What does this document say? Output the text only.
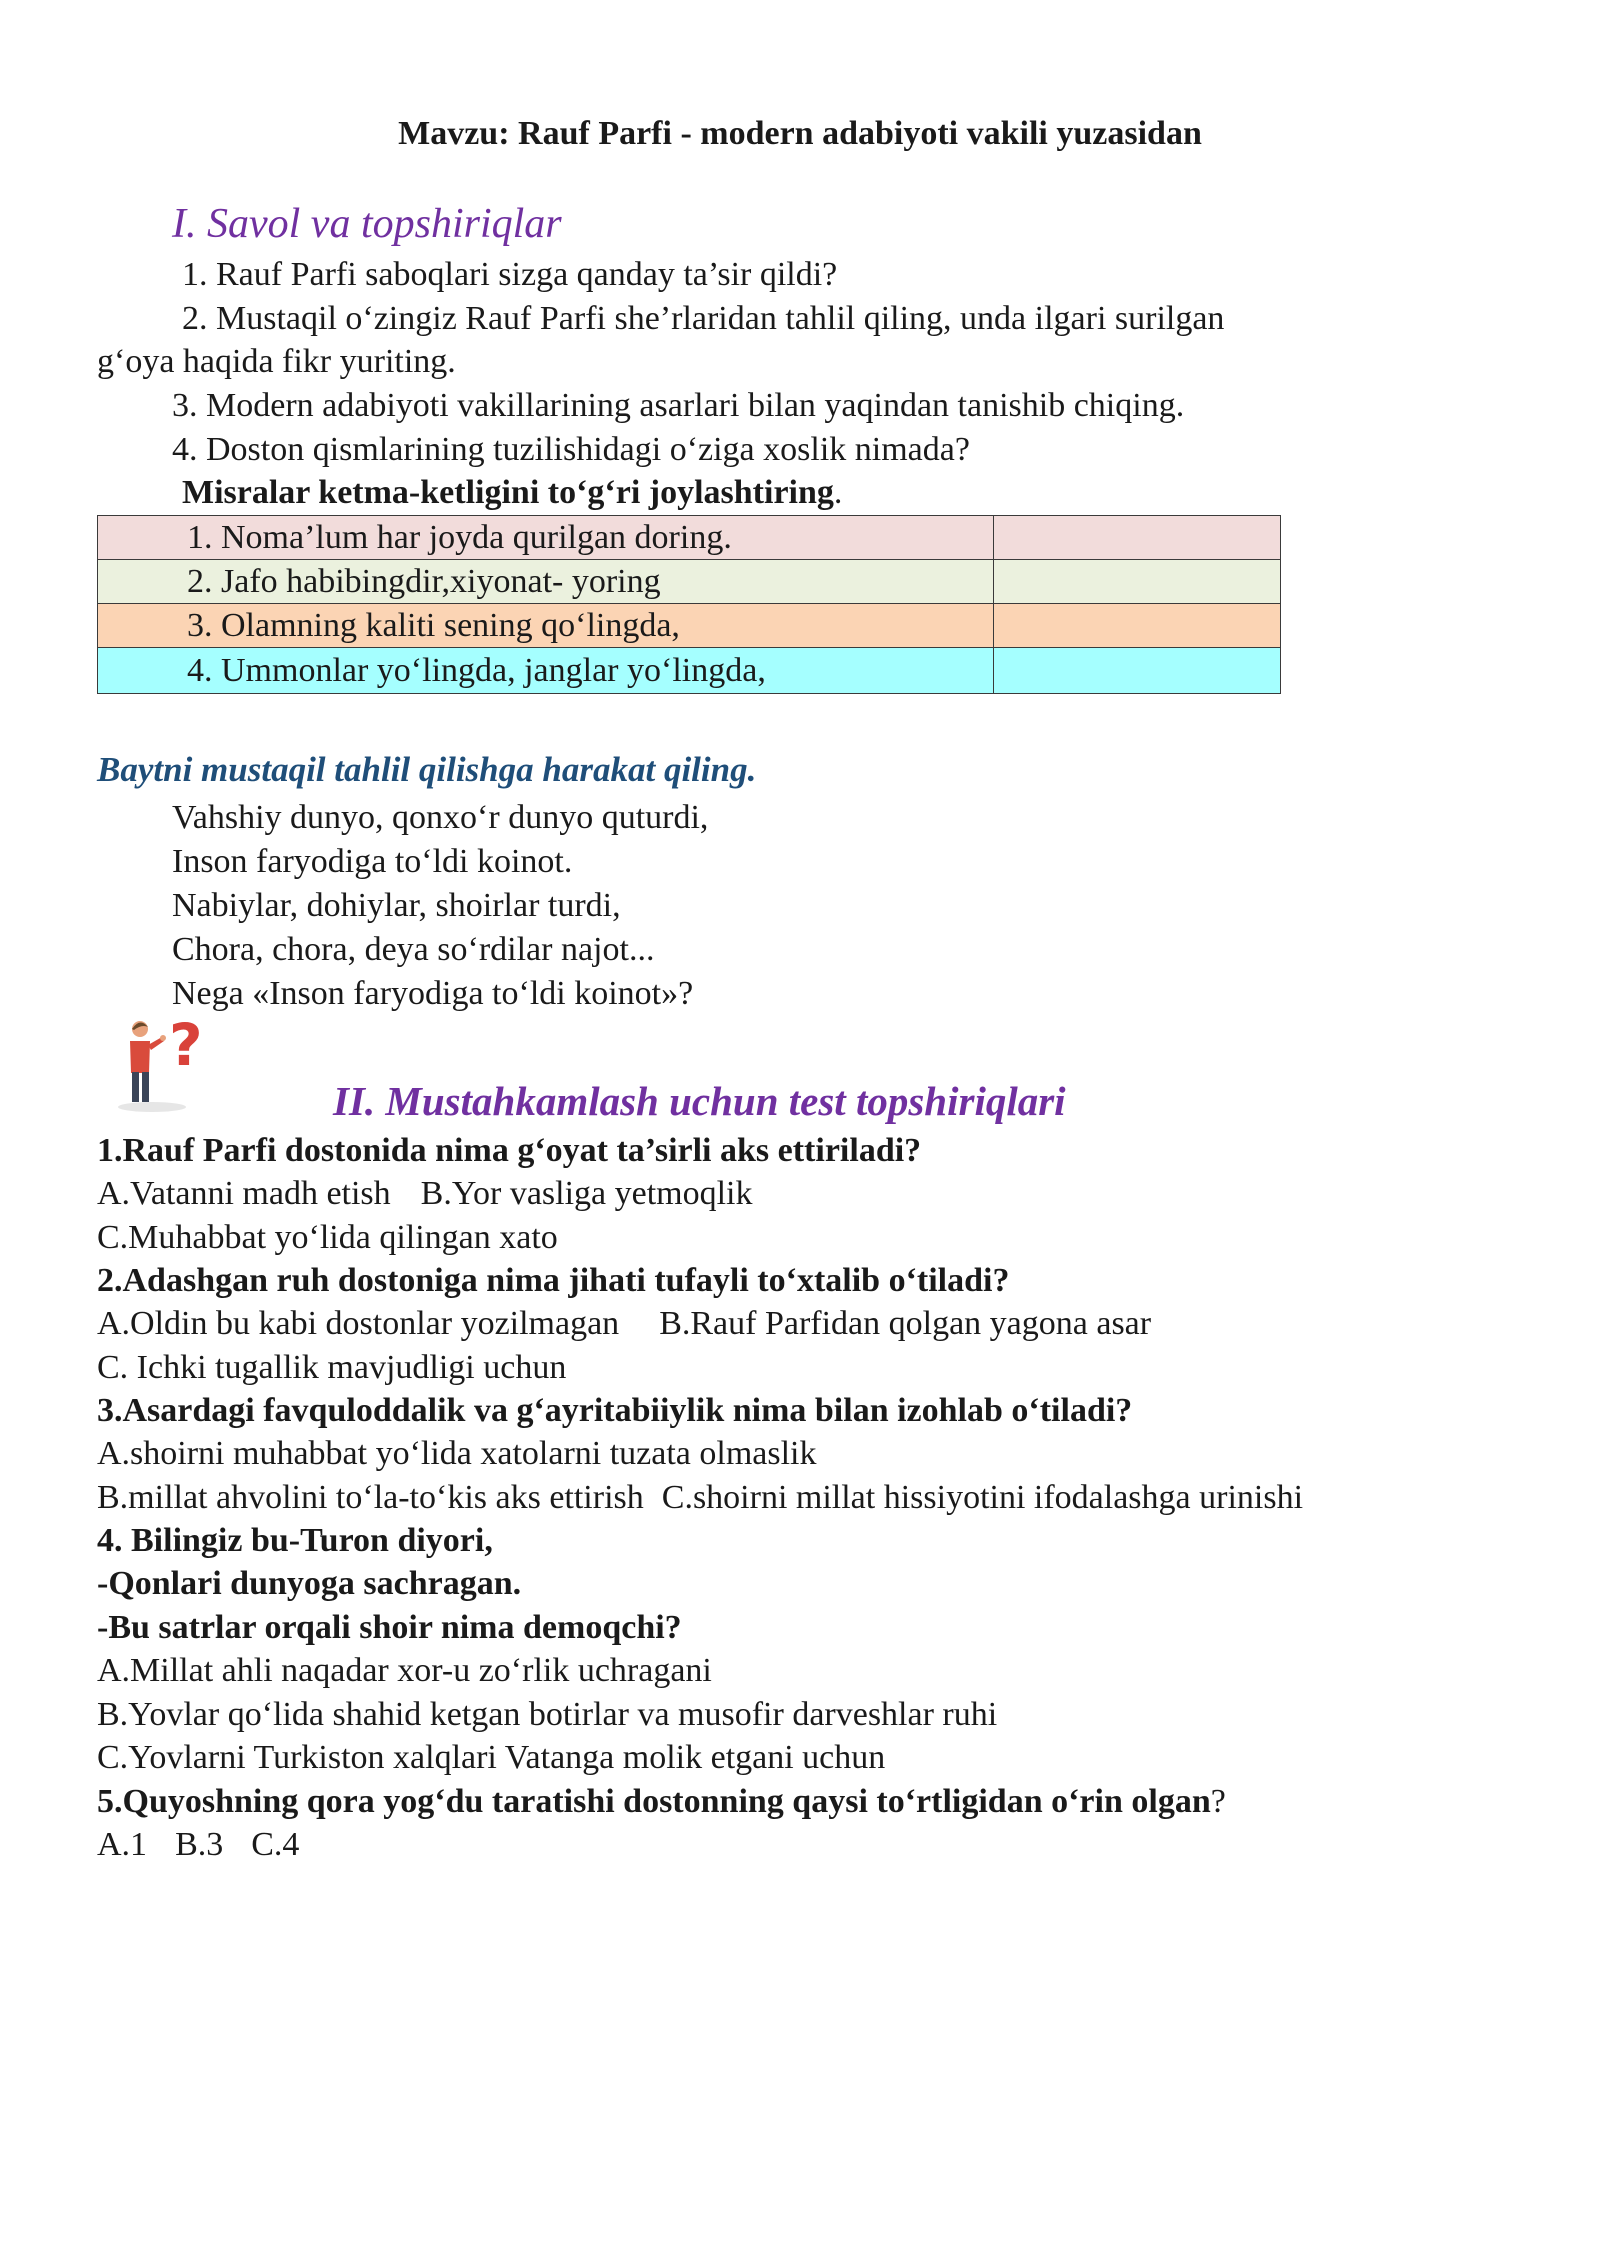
Mavzu: Rauf Parfi - modern adabiyoti vakili yuzasidan
I. Savol va topshiriqlar
1. Rauf Parfi saboqlari sizga qanday ta’sir qildi?
2. Mustaqil o‘zingiz Rauf Parfi she’rlaridan tahlil qiling, unda ilgari surilgan
g‘oya haqida fikr yuriting.
3. Modern adabiyoti vakillarining asarlari bilan yaqindan tanishib chiqing.
4. Doston qismlarining tuzilishidagi o‘ziga xoslik nimada?
Misralar ketma-ketligini to‘g‘ri joylashtiring.
1. Noma’lum har joyda qurilgan doring.	
2. Jafo habibingdir,xiyonat- yoring	
3. Olamning kaliti sening qo‘lingda,	
4. Ummonlar yo‘lingda, janglar yo‘lingda,	
Baytni mustaqil tahlil qilishga harakat qiling.
Vahshiy dunyo, qonxo‘r dunyo quturdi,
Inson faryodiga to‘ldi koinot.
Nabiylar, dohiylar, shoirlar turdi,
Chora, chora, deya so‘rdilar najot...
Nega «Inson faryodiga to‘ldi koinot»?
?
II. Mustahkamlash uchun test topshiriqlari
1.Rauf Parfi dostonida nima g‘oyat ta’sirli aks ettiriladi?
A.Vatanni madh etish B.Yor vasliga yetmoqlik
C.Muhabbat yo‘lida qilingan xato
2.Adashgan ruh dostoniga nima jihati tufayli to‘xtalib o‘tiladi?
A.Oldin bu kabi dostonlar yozilmagan B.Rauf Parfidan qolgan yagona asar
C. Ichki tugallik mavjudligi uchun
3.Asardagi favquloddalik va g‘ayritabiiylik nima bilan izohlab o‘tiladi?
A.shoirni muhabbat yo‘lida xatolarni tuzata olmaslik
B.millat ahvolini to‘la-to‘kis aks ettirish C.shoirni millat hissiyotini ifodalashga urinishi
4. Bilingiz bu-Turon diyori,
-Qonlari dunyoga sachragan.
-Bu satrlar orqali shoir nima demoqchi?
A.Millat ahli naqadar xor-u zo‘rlik uchragani
B.Yovlar qo‘lida shahid ketgan botirlar va musofir darveshlar ruhi
C.Yovlarni Turkiston xalqlari Vatanga molik etgani uchun
5.Quyoshning qora yog‘du taratishi dostonning qaysi to‘rtligidan o‘rin olgan?
A.1 B.3 C.4
